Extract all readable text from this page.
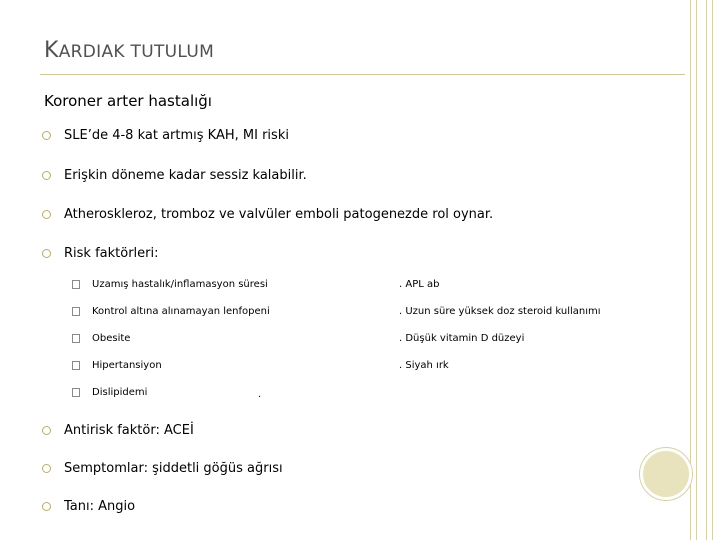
KARDIAK TUTULUM
Koroner arter hastalığı
SLE’de 4-8 kat artmış KAH, MI riski
Erişkin döneme kadar sessiz kalabilir.
Atheroskleroz, tromboz ve valvüler emboli patogenezde rol oynar.
Risk faktörleri:
Uzamış hastalık/inflamasyon süresi
Kontrol altına alınamayan lenfopeni
Obesite
Hipertansiyon
Dislipidemi
. APL ab
. Uzun süre yüksek doz steroid kullanımı
. Düşük vitamin D düzeyi
. Siyah ırk
.
Antirisk faktör: ACEİ
Semptomlar: şiddetli göğüs ağrısı
Tanı: Angio
